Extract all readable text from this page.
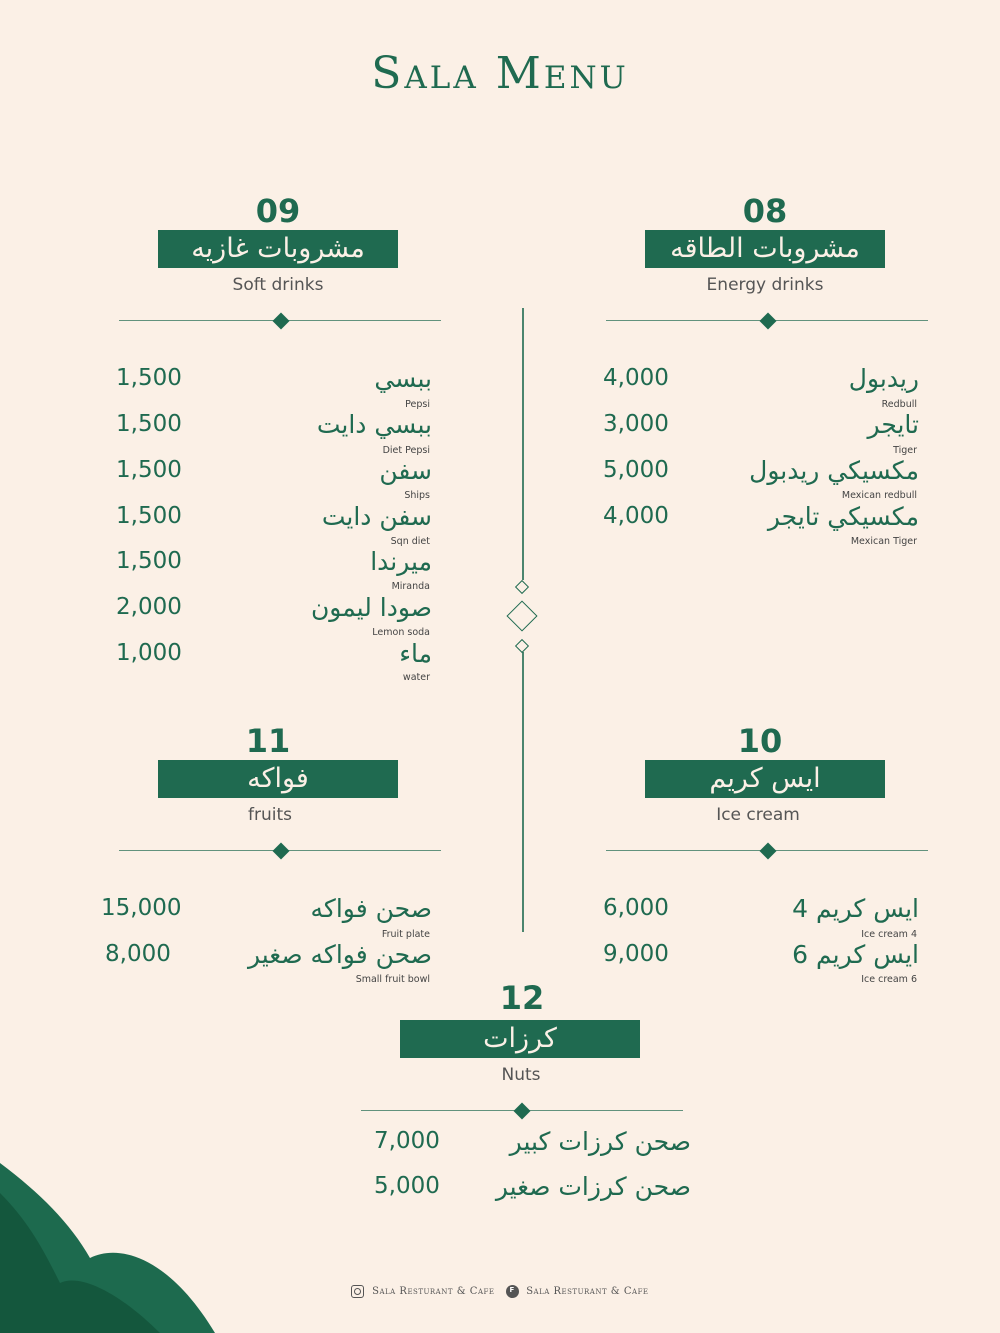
Sala Menu
09
مشروبات غازيه
Soft drinks
ببسي
Pepsi
1,500
ببسي دايت
Diet Pepsi
1,500
سفن
Ships
1,500
سفن دايت
Sqn diet
1,500
ميرندا
Miranda
1,500
صودا ليمون
Lemon soda
2,000
ماء
water
1,000
08
مشروبات الطاقه
Energy drinks
ريدبول
Redbull
4,000
تايجر
Tiger
3,000
مكسيكي ريدبول
Mexican redbull
5,000
مكسيكي تايجر
Mexican Tiger
4,000
11
فواكه
fruits
صحن فواكه
Fruit plate
15,000
صحن فواكه صغير
Small fruit bowl
8,000
10
ايس كريم
Ice cream
ايس كريم 4
Ice cream 4
6,000
ايس كريم 6
Ice cream 6
9,000
12
كرزات
Nuts
صحن كرزات كبير
7,000
صحن كرزات صغير
5,000
Sala Resturant & Cafe   f	Sala Resturant & Cafe
